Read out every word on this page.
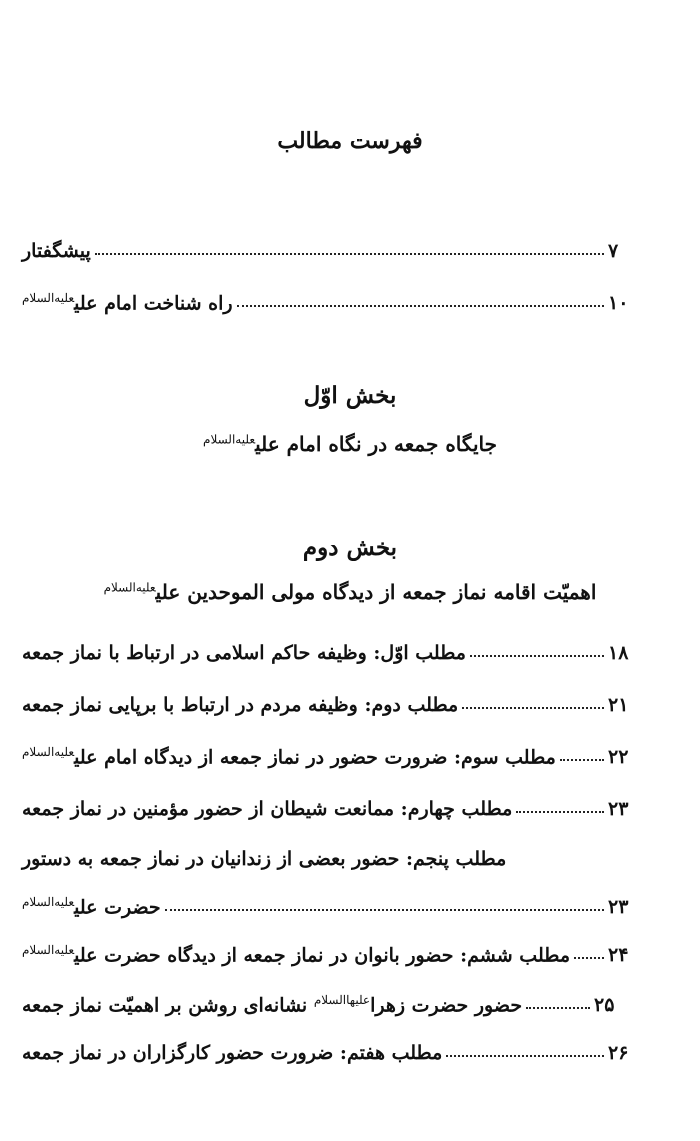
فهرست مطالب
پیشگفتار	۷
راه شناخت امام علی$^{علیه‌السلام}$	۱۰
بخش اوّل
جایگاه جمعه در نگاه امام علی$^{علیه‌السلام}$
بخش دوم
اهمیّت اقامه نماز جمعه از دیدگاه مولی الموحدین علی$^{علیه‌السلام}$
مطلب اوّل: وظیفه حاکم اسلامی در ارتباط با نماز جمعه	۱۸
مطلب دوم: وظیفه مردم در ارتباط با برپایی نماز جمعه	۲۱
مطلب سوم: ضرورت حضور در نماز جمعه از دیدگاه امام علی$^{علیه‌السلام}$	۲۲
مطلب چهارم: ممانعت شیطان از حضور مؤمنین در نماز جمعه	۲۳
مطلب پنجم: حضور بعضی از زندانیان در نماز جمعه به دستور
حضرت علی$^{علیه‌السلام}$	۲۳
مطلب ششم: حضور بانوان در نماز جمعه از دیدگاه حضرت علی$^{علیه‌السلام}$	۲۴
حضور حضرت زهرا$^{علیهاالسلام}$ نشانه‌ای روشن بر اهمیّت نماز جمعه	۲۵
مطلب هفتم: ضرورت حضور کارگزاران در نماز جمعه	۲۶
